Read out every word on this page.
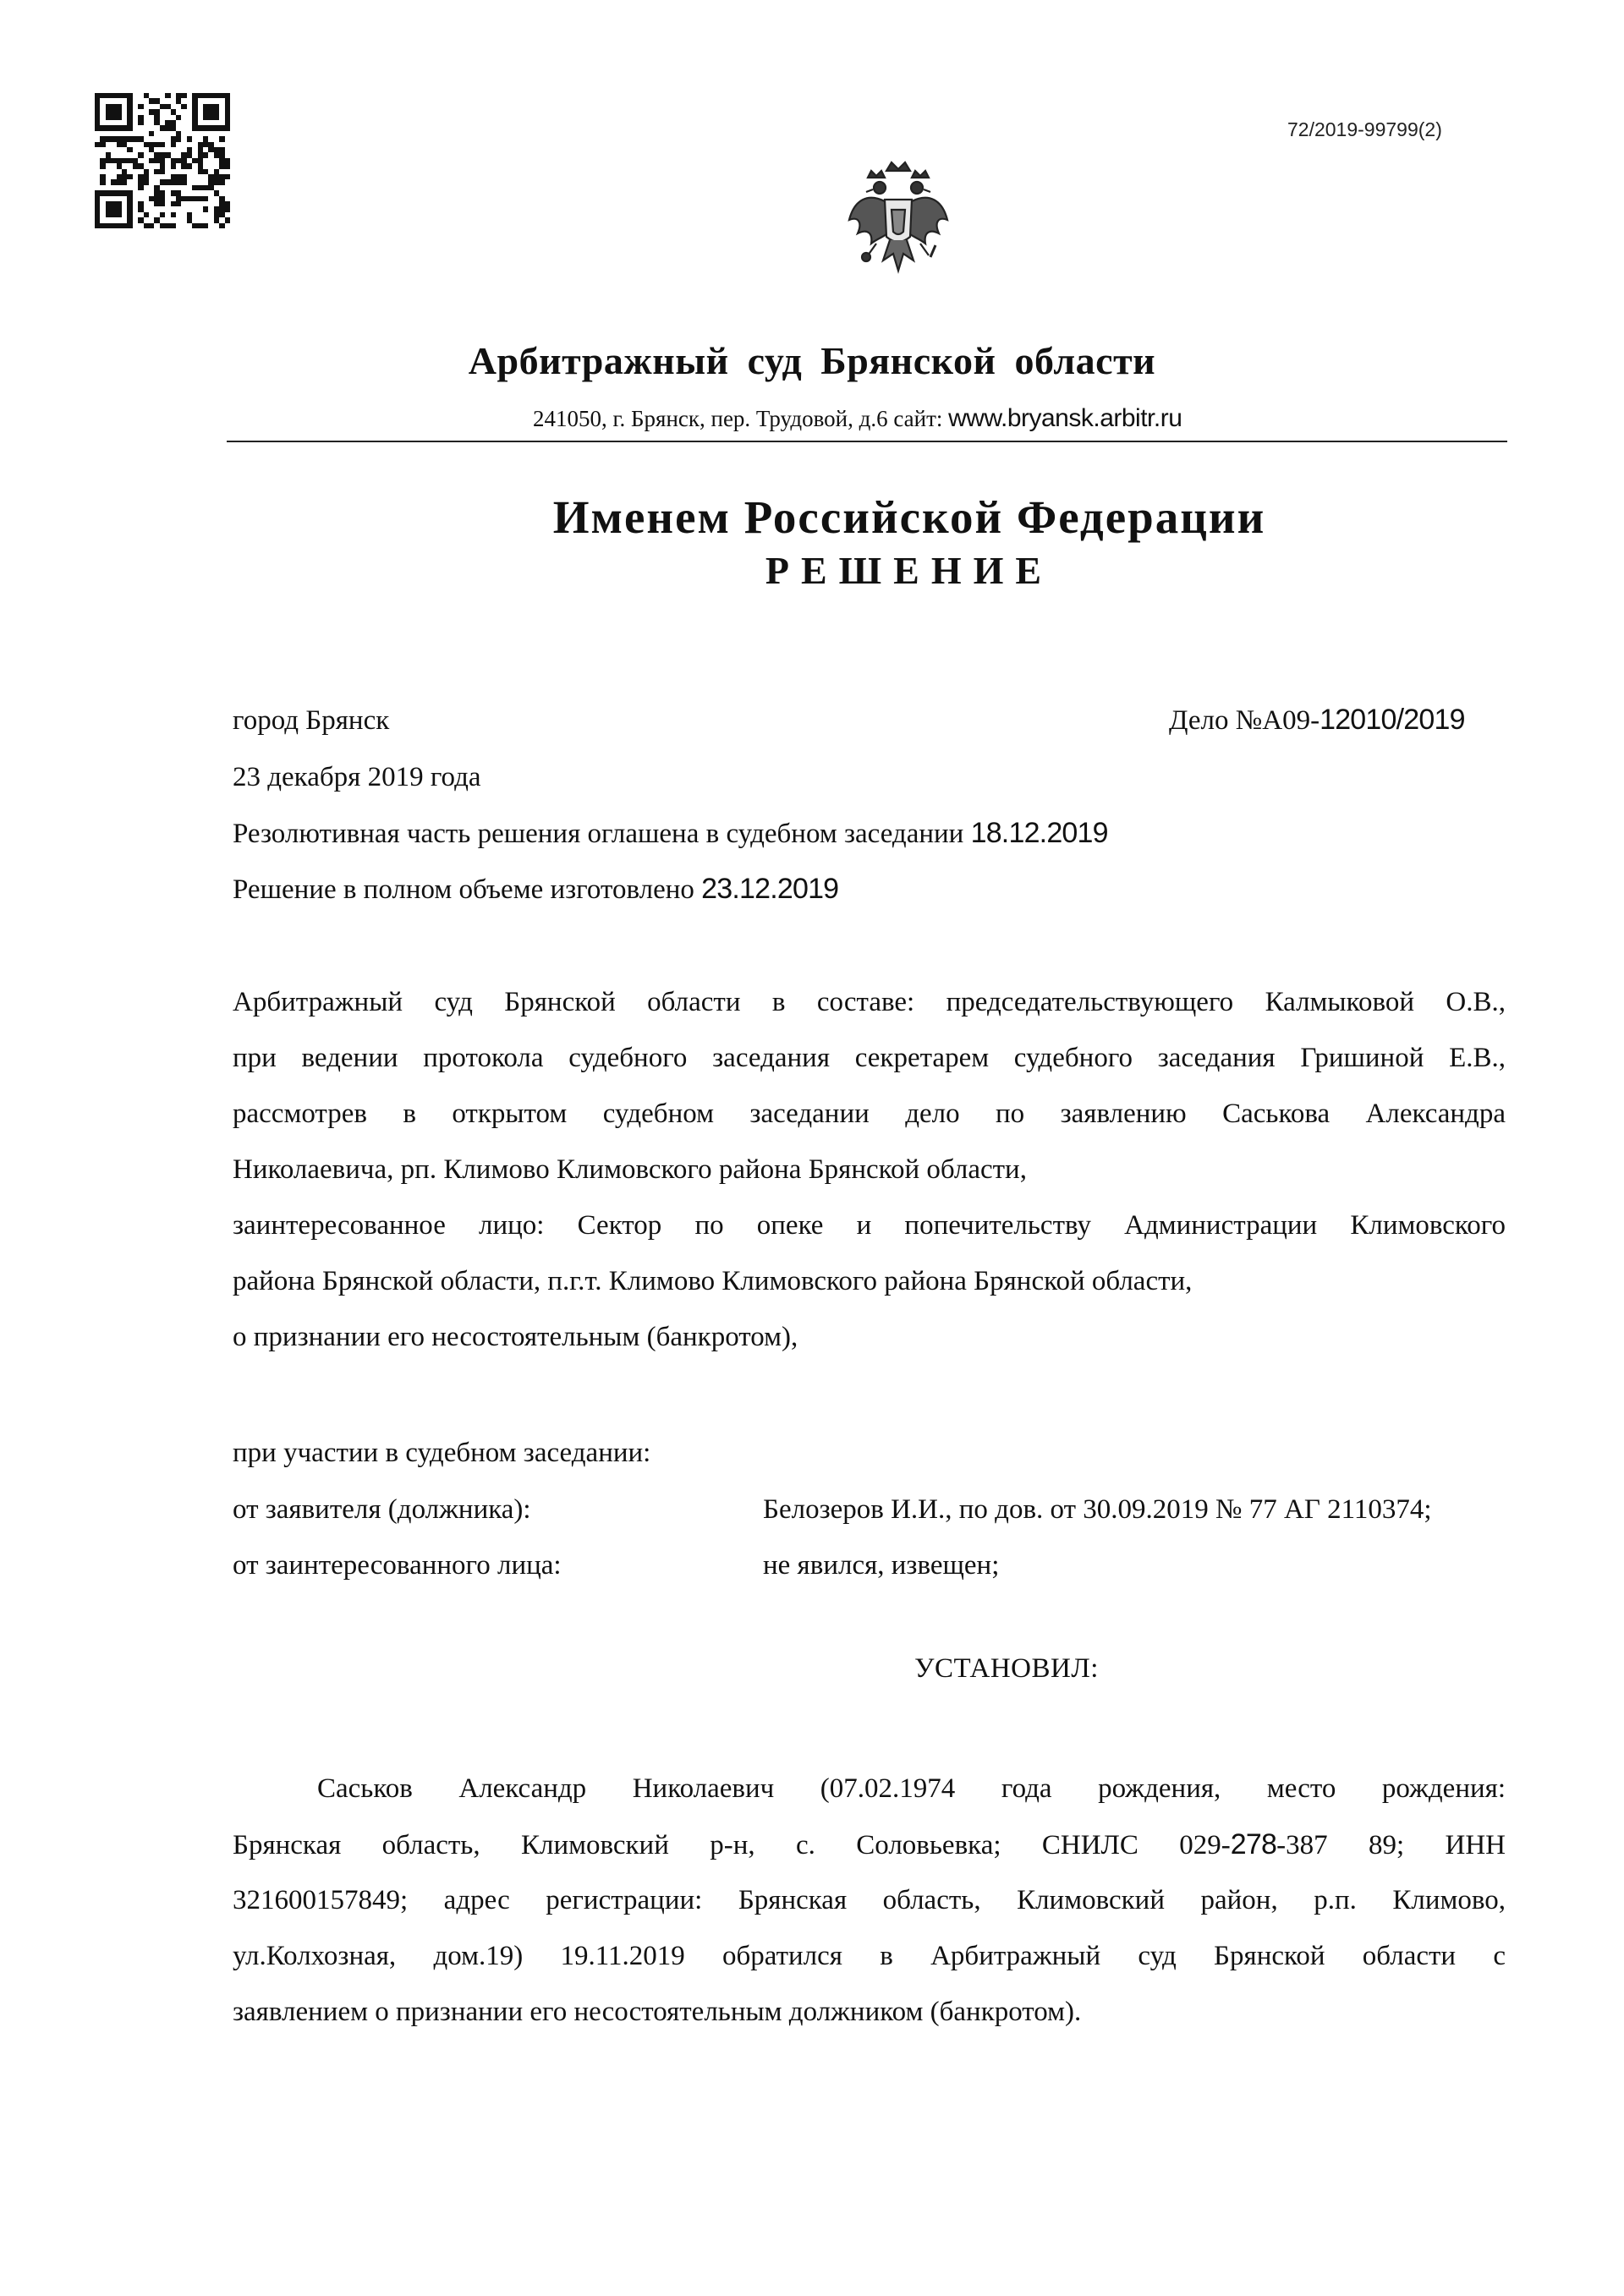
72/2019-99799(2)
Арбитражный суд Брянской области
241050, г. Брянск, пер. Трудовой, д.6 сайт: www.bryansk.arbitr.ru
Именем Российской Федерации
РЕШЕНИЕ
город Брянск	Дело №А09-12010/2019
23 декабря 2019 года
Резолютивная часть решения оглашена в судебном заседании 18.12.2019
Решение в полном объеме изготовлено 23.12.2019
Арбитражный суд Брянской области в составе: председательствующего Калмыковой О.В.,
при ведении протокола судебного заседания секретарем судебного заседания Гришиной Е.В.,
рассмотрев в открытом судебном заседании дело по заявлению Саськова Александра
Николаевича, рп. Климово Климовского района Брянской области,
заинтересованное лицо: Сектор по опеке и попечительству Администрации Климовского
района Брянской области, п.г.т. Климово Климовского района Брянской области,
о признании его несостоятельным (банкротом),
при участии в судебном заседании:
от заявителя (должника):	Белозеров И.И., по дов. от 30.09.2019 № 77 АГ 2110374;
от заинтересованного лица:	не явился, извещен;
УСТАНОВИЛ:
Саськов Александр Николаевич (07.02.1974 года рождения, место рождения:
Брянская область, Климовский р-н, с. Соловьевка; СНИЛС 029-278-387 89; ИНН
321600157849; адрес регистрации: Брянская область, Климовский район, р.п. Климово,
ул.Колхозная, дом.19) 19.11.2019 обратился в Арбитражный суд Брянской области с
заявлением о признании его несостоятельным должником (банкротом).
